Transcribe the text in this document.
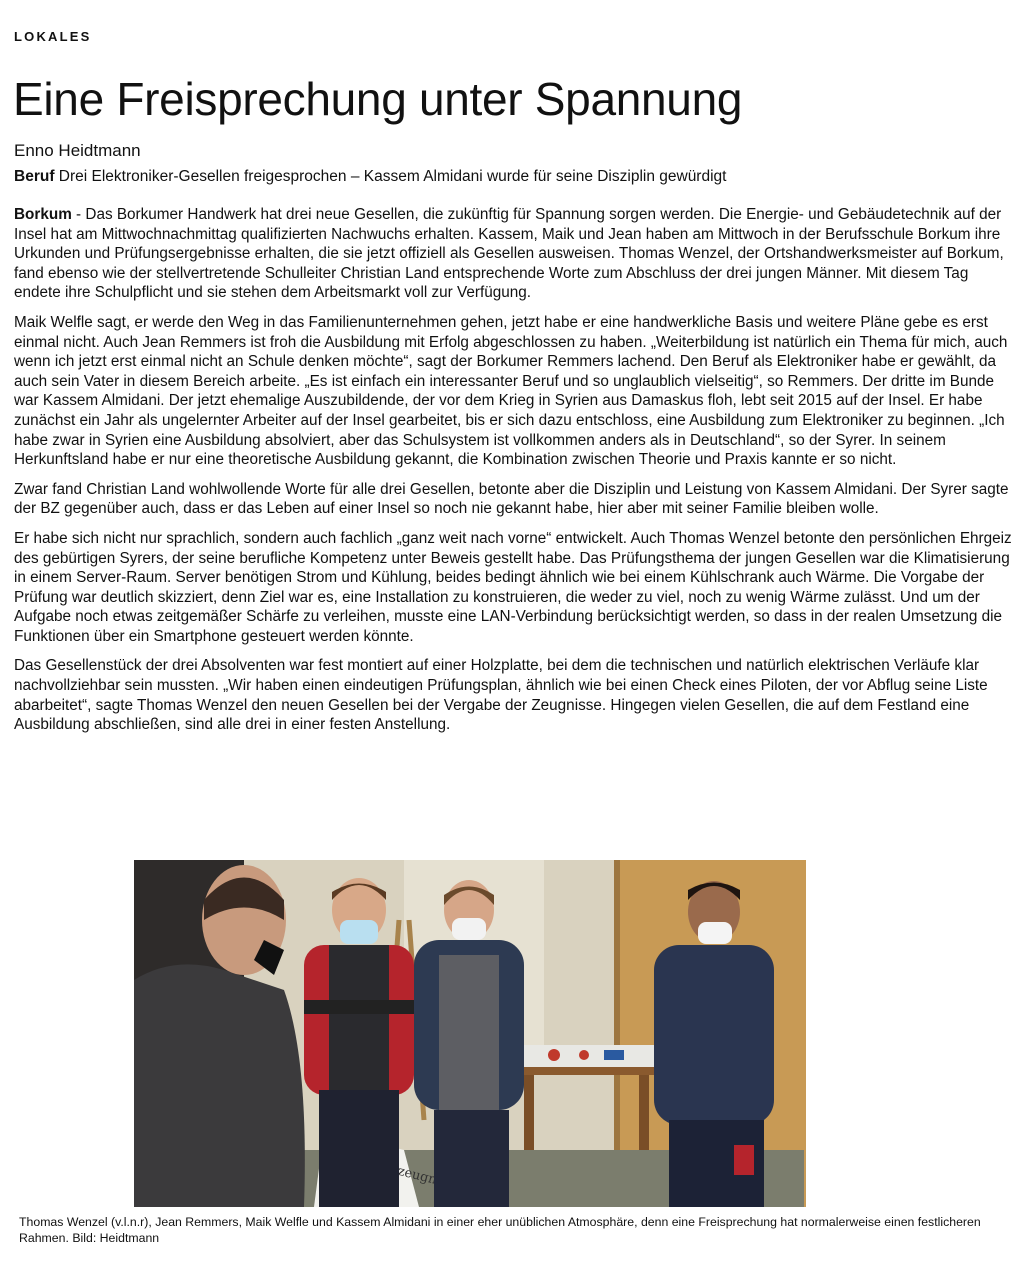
LOKALES
Eine Freisprechung unter Spannung
Enno Heidtmann
Beruf Drei Elektroniker-Gesellen freigesprochen – Kassem Almidani wurde für seine Disziplin gewürdigt

Borkum - Das Borkumer Handwerk hat drei neue Gesellen, die zukünftig für Spannung sorgen werden. Die Energie- und Gebäudetechnik auf der Insel hat am Mittwochnachmittag qualifizierten Nachwuchs erhalten. Kassem, Maik und Jean haben am Mittwoch in der Berufsschule Borkum ihre Urkunden und Prüfungsergebnisse erhalten, die sie jetzt offiziell als Gesellen ausweisen. Thomas Wenzel, der Ortshandwerksmeister auf Borkum, fand ebenso wie der stellvertretende Schulleiter Christian Land entsprechende Worte zum Abschluss der drei jungen Männer. Mit diesem Tag endete ihre Schulpflicht und sie stehen dem Arbeitsmarkt voll zur Verfügung.

Maik Welfle sagt, er werde den Weg in das Familienunternehmen gehen, jetzt habe er eine handwerkliche Basis und weitere Pläne gebe es erst einmal nicht. Auch Jean Remmers ist froh die Ausbildung mit Erfolg abgeschlossen zu haben. „Weiterbildung ist natürlich ein Thema für mich, auch wenn ich jetzt erst einmal nicht an Schule denken möchte“, sagt der Borkumer Remmers lachend. Den Beruf als Elektroniker habe er gewählt, da auch sein Vater in diesem Bereich arbeite. „Es ist einfach ein interessanter Beruf und so unglaublich vielseitig“, so Remmers. Der dritte im Bunde war Kassem Almidani. Der jetzt ehemalige Auszubildende, der vor dem Krieg in Syrien aus Damaskus floh, lebt seit 2015 auf der Insel. Er habe zunächst ein Jahr als ungelernter Arbeiter auf der Insel gearbeitet, bis er sich dazu entschloss, eine Ausbildung zum Elektroniker zu beginnen. „Ich habe zwar in Syrien eine Ausbildung absolviert, aber das Schulsystem ist vollkommen anders als in Deutschland“, so der Syrer. In seinem Herkunftsland habe er nur eine theoretische Ausbildung gekannt, die Kombination zwischen Theorie und Praxis kannte er so nicht.

Zwar fand Christian Land wohlwollende Worte für alle drei Gesellen, betonte aber die Disziplin und Leistung von Kassem Almidani. Der Syrer sagte der BZ gegenüber auch, dass er das Leben auf einer Insel so noch nie gekannt habe, hier aber mit seiner Familie bleiben wolle.

Er habe sich nicht nur sprachlich, sondern auch fachlich „ganz weit nach vorne“ entwickelt. Auch Thomas Wenzel betonte den persönlichen Ehrgeiz des gebürtigen Syrers, der seine berufliche Kompetenz unter Beweis gestellt habe. Das Prüfungsthema der jungen Gesellen war die Klimatisierung in einem Server-Raum. Server benötigen Strom und Kühlung, beides bedingt ähnlich wie bei einem Kühlschrank auch Wärme. Die Vorgabe der Prüfung war deutlich skizziert, denn Ziel war es, eine Installation zu konstruieren, die weder zu viel, noch zu wenig Wärme zulässt. Und um der Aufgabe noch etwas zeitgemäßer Schärfe zu verleihen, musste eine LAN-Verbindung berücksichtigt werden, so dass in der realen Umsetzung die Funktionen über ein Smartphone gesteuert werden könnte.

Das Gesellenstück der drei Absolventen war fest montiert auf einer Holzplatte, bei dem die technischen und natürlich elektrischen Verläufe klar nachvollziehbar sein mussten. „Wir haben einen eindeutigen Prüfungsplan, ähnlich wie bei einen Check eines Piloten, der vor Abflug seine Liste abarbeitet“, sagte Thomas Wenzel den neuen Gesellen bei der Vergabe der Zeugnisse. Hingegen vielen Gesellen, die auf dem Festland eine Ausbildung abschließen, sind alle drei in einer festen Anstellung.

Thomas Wenzel (v.l.n.r), Jean Remmers, Maik Welfle und Kassem Almidani in einer eher unüblichen Atmosphäre, denn eine Freisprechung hat normalerweise einen festlicheren Rahmen. Bild: Heidtmann
